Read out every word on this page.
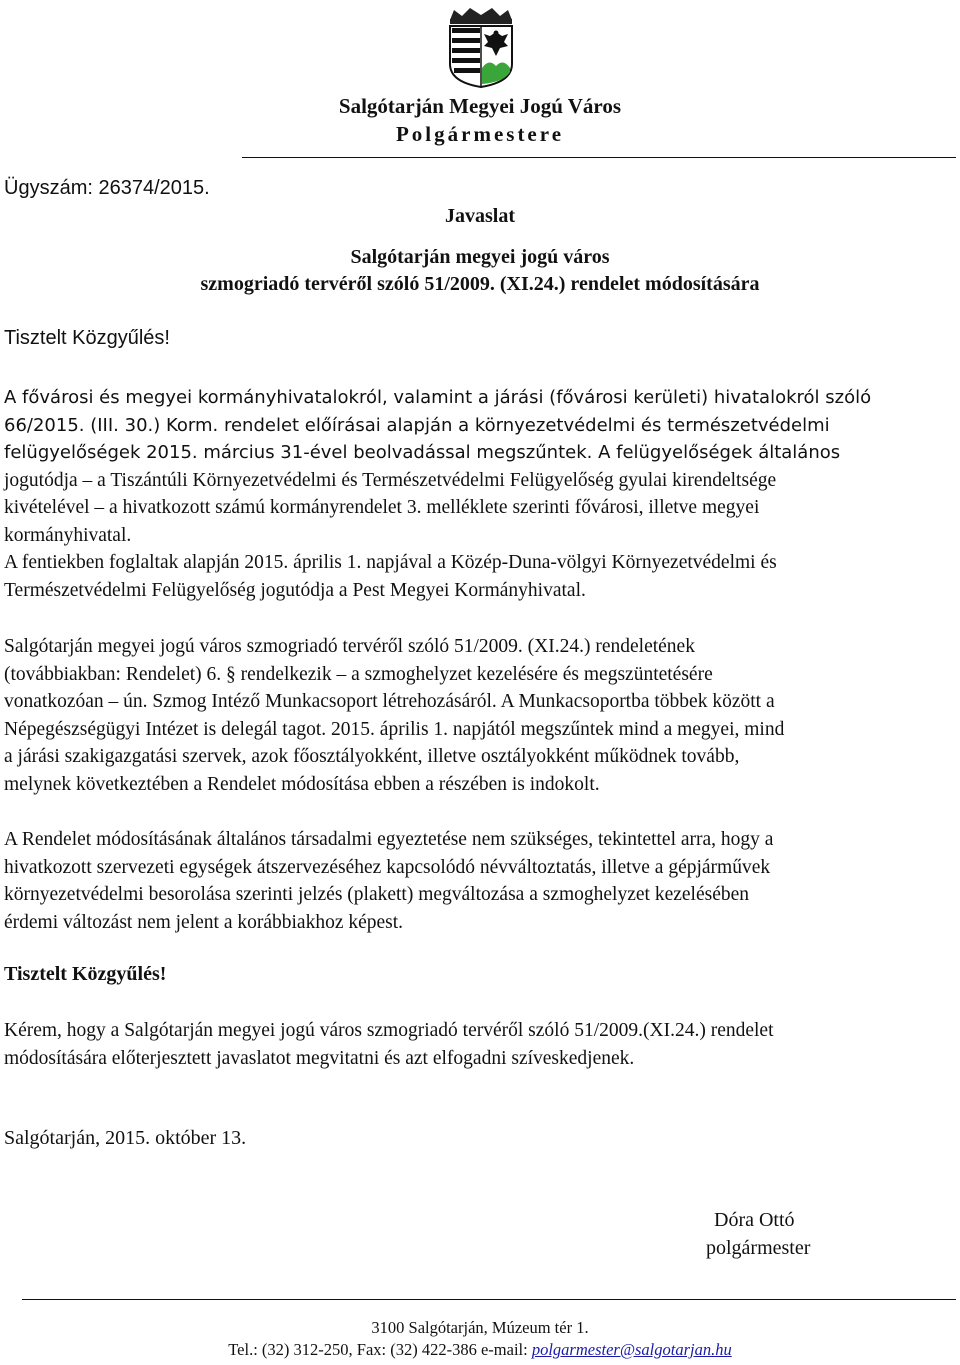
Salgótarján Megyei Jogú Város
Polgármestere
Ügyszám: 26374/2015.
Javaslat
Salgótarján megyei jogú város
szmogriadó tervéről szóló 51/2009. (XI.24.) rendelet módosítására
Tisztelt Közgyűlés!
A fővárosi és megyei kormányhivatalokról, valamint a járási (fővárosi kerületi) hivatalokról szóló
66/2015. (III. 30.) Korm. rendelet előírásai alapján a környezetvédelmi és természetvédelmi
felügyelőségek 2015. március 31-ével beolvadással megszűntek. A felügyelőségek általános
jogutódja – a Tiszántúli Környezetvédelmi és Természetvédelmi Felügyelőség gyulai kirendeltsége
kivételével – a hivatkozott számú kormányrendelet 3. melléklete szerinti fővárosi, illetve megyei
kormányhivatal.
A fentiekben foglaltak alapján 2015. április 1. napjával a Közép-Duna-völgyi Környezetvédelmi és
Természetvédelmi Felügyelőség jogutódja a Pest Megyei Kormányhivatal.
Salgótarján megyei jogú város szmogriadó tervéről szóló 51/2009. (XI.24.) rendeletének
(továbbiakban: Rendelet) 6. § rendelkezik – a szmoghelyzet kezelésére és megszüntetésére
vonatkozóan – ún. Szmog Intéző Munkacsoport létrehozásáról. A Munkacsoportba többek között a
Népegészségügyi Intézet is delegál tagot. 2015. április 1. napjától megszűntek mind a megyei, mind
a járási szakigazgatási szervek, azok főosztályokként, illetve osztályokként működnek tovább,
melynek következtében a Rendelet módosítása ebben a részében is indokolt.
A Rendelet módosításának általános társadalmi egyeztetése nem szükséges, tekintettel arra, hogy a
hivatkozott szervezeti egységek átszervezéséhez kapcsolódó névváltoztatás, illetve a gépjárművek
környezetvédelmi besorolása szerinti jelzés (plakett) megváltozása a szmoghelyzet kezelésében
érdemi változást nem jelent a korábbiakhoz képest.
Tisztelt Közgyűlés!
Kérem, hogy a Salgótarján megyei jogú város szmogriadó tervéről szóló 51/2009.(XI.24.) rendelet
módosítására előterjesztett javaslatot megvitatni és azt elfogadni szíveskedjenek.
Salgótarján, 2015. október 13.
Dóra Ottó
polgármester
3100 Salgótarján, Múzeum tér 1.
Tel.: (32) 312-250, Fax: (32) 422-386 e-mail: polgarmester@salgotarjan.hu
